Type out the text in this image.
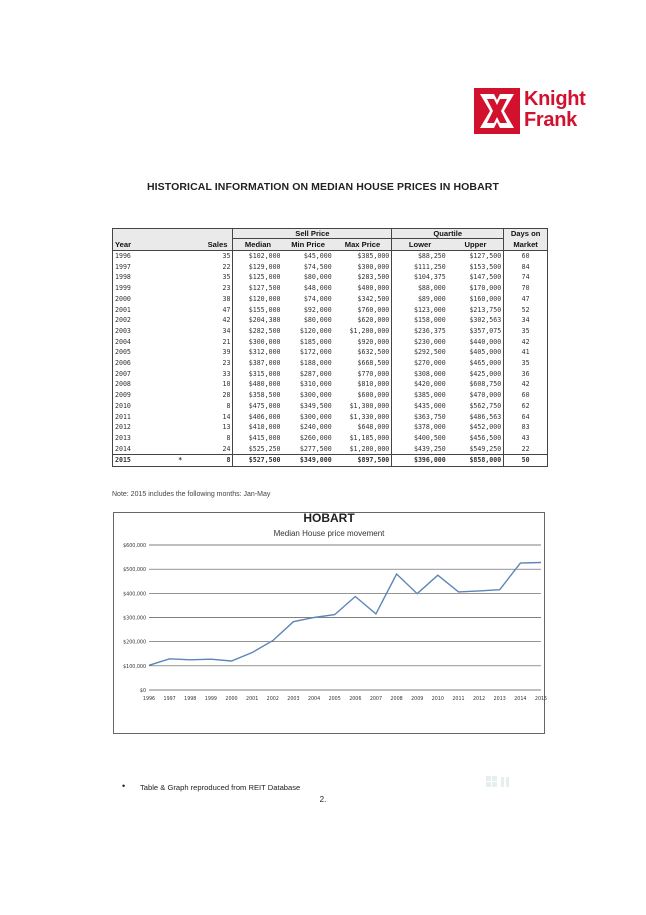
Knight
Frank
HISTORICAL INFORMATION ON MEDIAN HOUSE PRICES IN HOBART
			Sell Price			Quartile		Days on
Year		Sales	Median	Min Price	Max Price	Lower	Upper	Market
1996		35	$102,000	$45,000	$385,000	$88,250	$127,500	60
1997		22	$129,000	$74,500	$300,000	$111,250	$153,500	84
1998		35	$125,000	$80,000	$283,500	$104,375	$147,500	74
1999		23	$127,500	$48,000	$400,000	$88,000	$170,000	70
2000		38	$120,000	$74,000	$342,500	$89,000	$160,000	47
2001		47	$155,000	$92,000	$760,000	$123,000	$213,750	52
2002		42	$204,380	$80,000	$620,000	$158,000	$302,563	34
2003		34	$282,500	$120,000	$1,200,000	$236,375	$357,075	35
2004		21	$300,000	$185,000	$920,000	$230,000	$440,000	42
2005		39	$312,000	$172,000	$632,500	$292,500	$405,000	41
2006		23	$387,000	$188,000	$668,500	$270,000	$465,000	35
2007		33	$315,000	$287,000	$770,000	$308,000	$425,000	36
2008		10	$480,000	$310,000	$810,000	$420,000	$608,750	42
2009		28	$358,500	$300,000	$600,000	$385,000	$470,000	60
2010		8	$475,000	$349,500	$1,300,000	$435,000	$562,750	62
2011		14	$406,000	$300,000	$1,330,000	$363,750	$486,563	64
2012		13	$410,000	$240,000	$648,000	$378,000	$452,000	83
2013		8	$415,000	$260,000	$1,185,000	$400,500	$456,500	43
2014		24	$525,250	$277,500	$1,200,000	$439,250	$549,250	22
2015	*	8	$527,500	$349,000	$897,500	$396,000	$858,000	50
Note: 2015 includes the following months: Jan-May
HOBART
Median House price movement
$0
$100,000
$200,000
$300,000
$400,000
$500,000
$600,000
1996 1997 1998 1999 2000 2001 2002 2003 2004 2005 2006 2007 2008 2009 2010 2011 2012 2013 2014 2015
• Table & Graph reproduced from REIT Database
2.
